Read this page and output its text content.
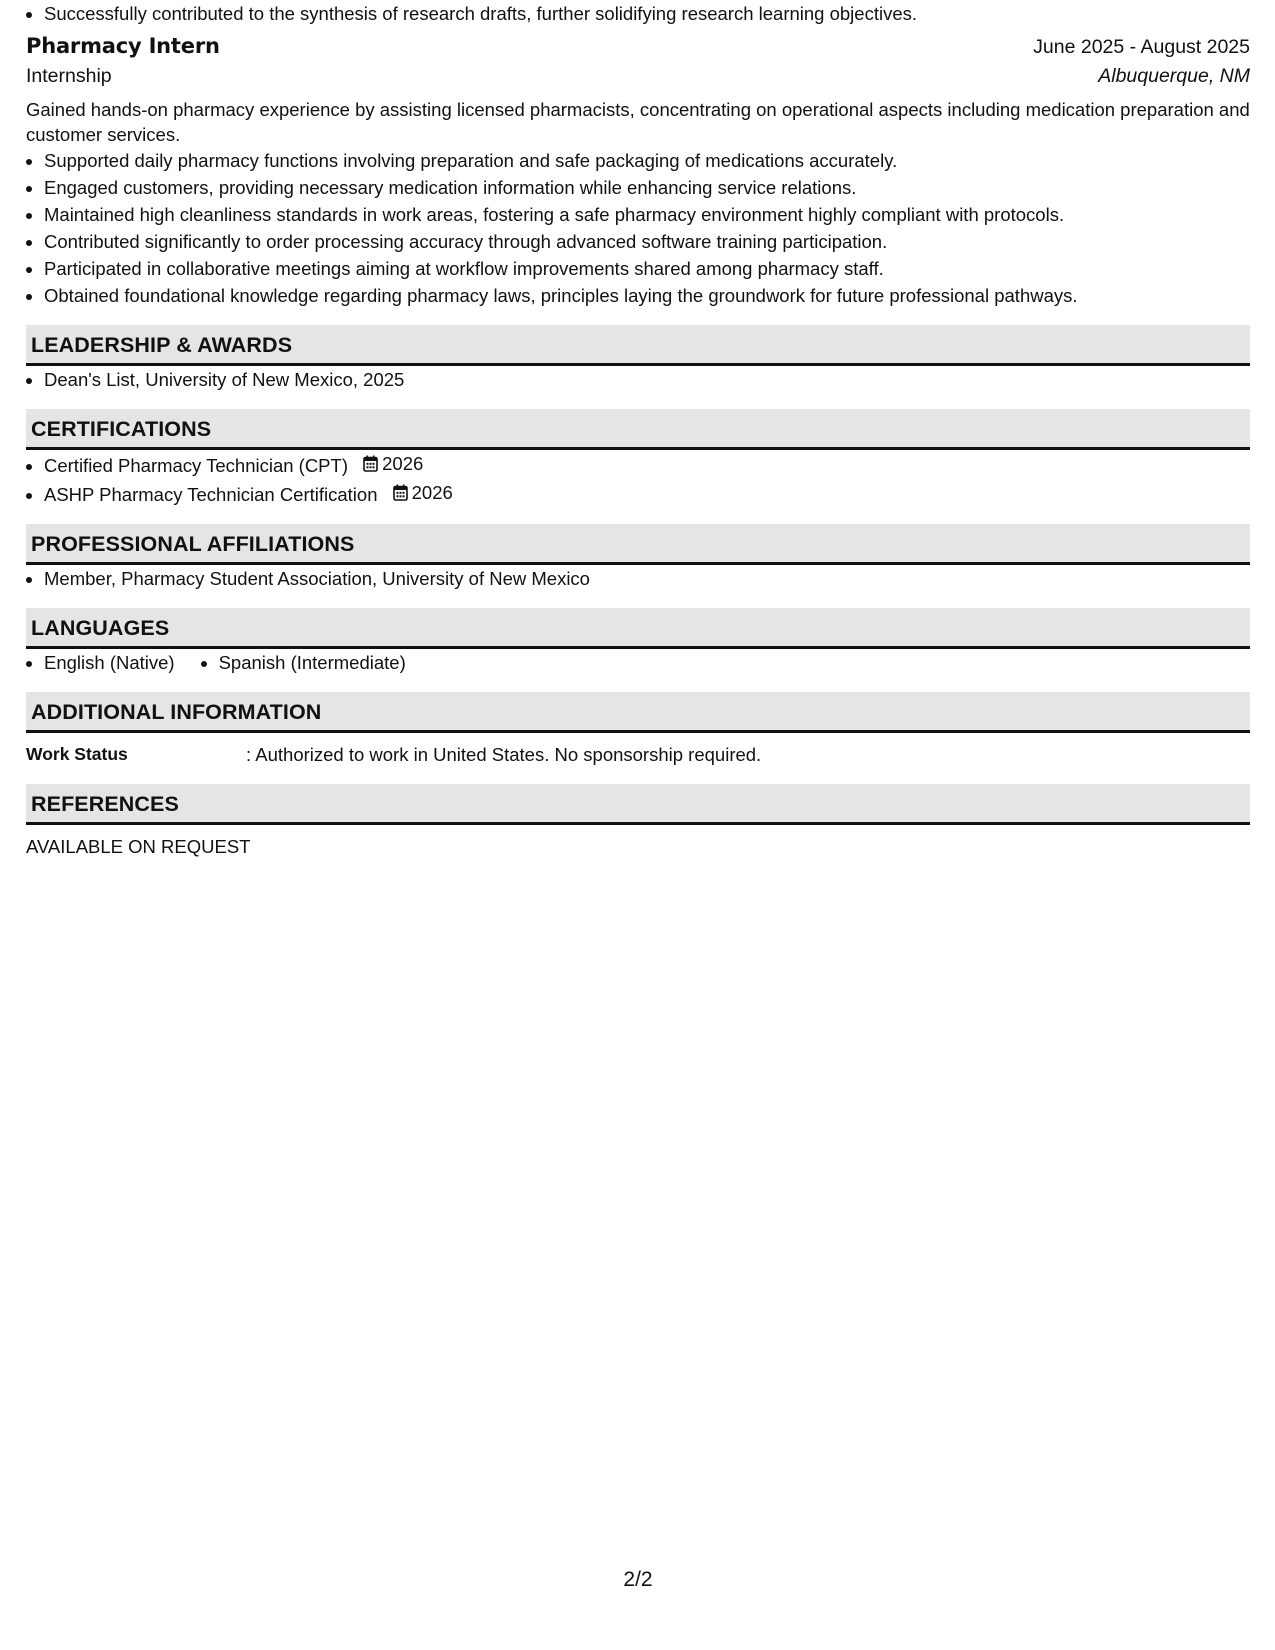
• Successfully contributed to the synthesis of research drafts, further solidifying research learning objectives.
Pharmacy Intern	June 2025 - August 2025
Internship	Albuquerque, NM
Gained hands-on pharmacy experience by assisting licensed pharmacists, concentrating on operational aspects including medication preparation and customer services.
• Supported daily pharmacy functions involving preparation and safe packaging of medications accurately.
• Engaged customers, providing necessary medication information while enhancing service relations.
• Maintained high cleanliness standards in work areas, fostering a safe pharmacy environment highly compliant with protocols.
• Contributed significantly to order processing accuracy through advanced software training participation.
• Participated in collaborative meetings aiming at workflow improvements shared among pharmacy staff.
• Obtained foundational knowledge regarding pharmacy laws, principles laying the groundwork for future professional pathways.
LEADERSHIP & AWARDS
• Dean's List, University of New Mexico, 2025
CERTIFICATIONS
• Certified Pharmacy Technician (CPT) 2026
• ASHP Pharmacy Technician Certification 2026
PROFESSIONAL AFFILIATIONS
• Member, Pharmacy Student Association, University of New Mexico
LANGUAGES
• English (Native)
• Spanish (Intermediate)
ADDITIONAL INFORMATION
Work Status	: Authorized to work in United States. No sponsorship required.
REFERENCES
AVAILABLE ON REQUEST
2/2
